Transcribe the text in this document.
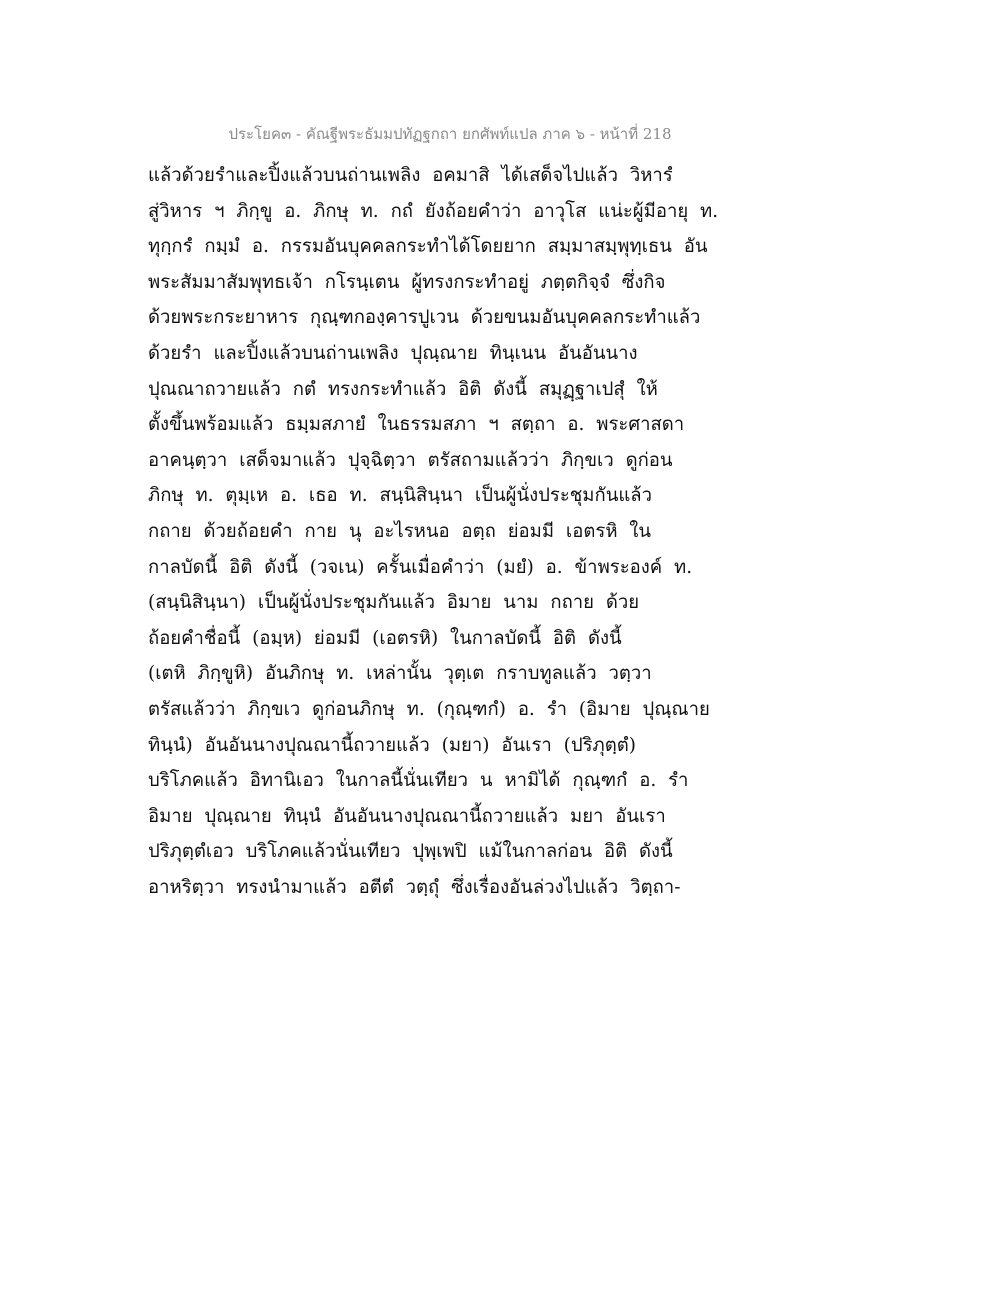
ประโยค๓ - คัณฐีพระธัมมปทัฏฐกถา ยกศัพท์แปล ภาค ๖ - หน้าที่ 218
แล้วด้วยรำและปิ้งแล้วบนถ่านเพลิง อคมาสิ ได้เสด็จไปแล้ว วิหารํ
สู่วิหาร ฯ ภิกฺขู อ. ภิกษุ ท. กถํ ยังถ้อยคำว่า อาวุโส แน่ะผู้มีอายุ ท.
ทุกฺกรํ กมฺมํ อ. กรรมอันบุคคลกระทำได้โดยยาก สมฺมาสมฺพุทฺเธน อัน
พระสัมมาสัมพุทธเจ้า กโรนฺเตน ผู้ทรงกระทำอยู่ ภตฺตกิจฺจํ ซึ่งกิจ
ด้วยพระกระยาหาร กุณฺฑกองฺคารปูเวน ด้วยขนมอันบุคคลกระทำแล้ว
ด้วยรำ และปิ้งแล้วบนถ่านเพลิง ปุณฺณาย ทินฺเนน อันอันนาง
ปุณณาถวายแล้ว กตํ ทรงกระทำแล้ว อิติ ดังนี้ สมุฏฺฐาเปสุํ ให้
ตั้งขึ้นพร้อมแล้ว ธมฺมสภายํ ในธรรมสภา ฯ สตฺถา อ. พระศาสดา
อาคนฺตฺวา เสด็จมาแล้ว ปุจฺฉิตฺวา ตรัสถามแล้วว่า ภิกฺขเว ดูก่อน
ภิกษุ ท. ตุมฺเห อ. เธอ ท. สนฺนิสินฺนา เป็นผู้นั่งประชุมกันแล้ว
กถาย ด้วยถ้อยคำ กาย นุ อะไรหนอ อตฺถ ย่อมมี เอตรหิ ใน
กาลบัดนี้ อิติ ดังนี้ (วจเน) ครั้นเมื่อคำว่า (มยํ) อ. ข้าพระองค์ ท.
(สนฺนิสินฺนา) เป็นผู้นั่งประชุมกันแล้ว อิมาย นาม กถาย ด้วย
ถ้อยคำชื่อนี้ (อมฺห) ย่อมมี (เอตรหิ) ในกาลบัดนี้ อิติ ดังนี้
(เตหิ ภิกฺขูหิ) อันภิกษุ ท. เหล่านั้น วุตฺเต กราบทูลแล้ว วตฺวา
ตรัสแล้วว่า ภิกฺขเว ดูก่อนภิกษุ ท. (กุณฺฑกํ) อ. รำ (อิมาย ปุณฺณาย
ทินฺนํ) อันอันนางปุณณานี้ถวายแล้ว (มยา) อันเรา (ปริภุตฺตํ)
บริโภคแล้ว อิทานิเอว ในกาลนี้นั่นเทียว น หามิได้ กุณฺฑกํ อ. รำ
อิมาย ปุณฺณาย ทินฺนํ อันอันนางปุณณานี้ถวายแล้ว มยา อันเรา
ปริภุตฺตํเอว บริโภคแล้วนั่นเทียว ปุพฺเพปิ แม้ในกาลก่อน อิติ ดังนี้
อาหริตฺวา ทรงนำมาแล้ว อตีตํ วตฺถุํ ซึ่งเรื่องอันล่วงไปแล้ว วิตฺถา-
